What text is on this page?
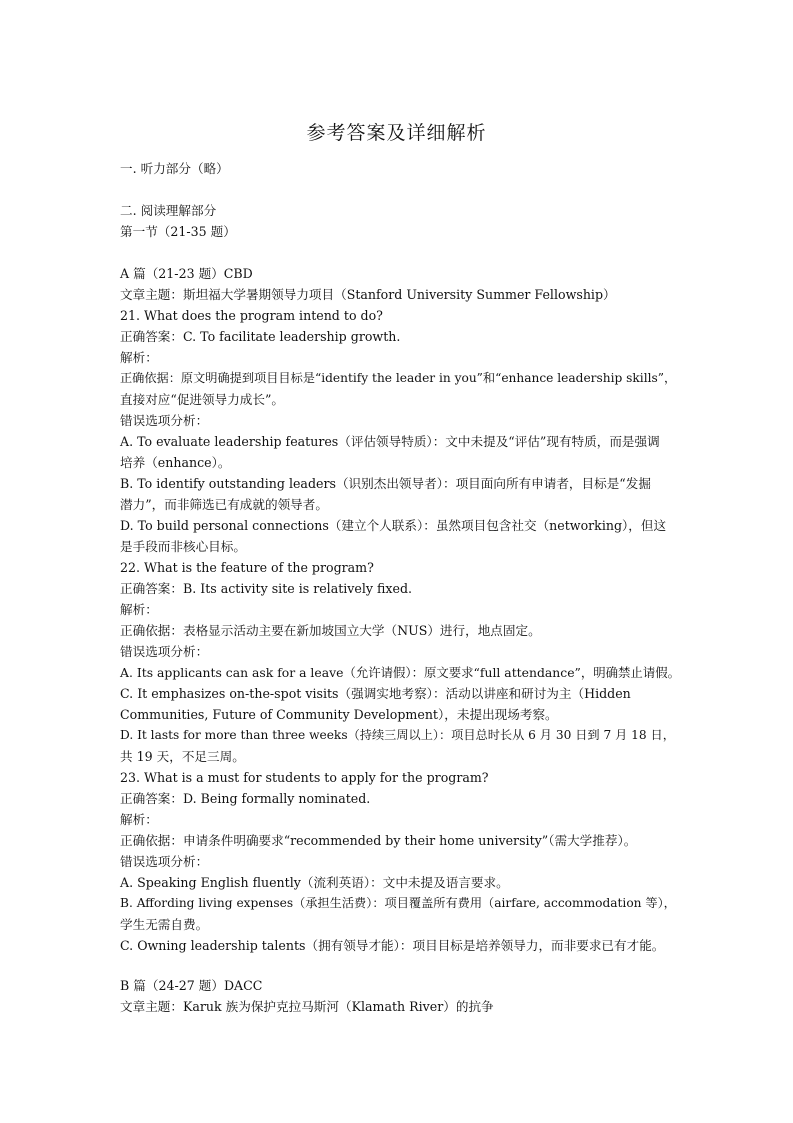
参考答案及详细解析
一. 听力部分（略）
二. 阅读理解部分
第一节（21-35 题）
A 篇（21-23 题）CBD
文章主题：斯坦福大学暑期领导力项目（Stanford University Summer Fellowship）
21. What does the program intend to do?
正确答案：C. To facilitate leadership growth.
解析：
正确依据：原文明确提到项目目标是“identify the leader in you”和“enhance leadership skills”，
直接对应“促进领导力成长”。
错误选项分析：
A. To evaluate leadership features（评估领导特质）：文中未提及“评估”现有特质，而是强调
培养（enhance）。
B. To identify outstanding leaders（识别杰出领导者）：项目面向所有申请者，目标是“发掘
潜力”，而非筛选已有成就的领导者。
D. To build personal connections（建立个人联系）：虽然项目包含社交（networking），但这
是手段而非核心目标。
22. What is the feature of the program?
正确答案：B. Its activity site is relatively fixed.
解析：
正确依据：表格显示活动主要在新加坡国立大学（NUS）进行，地点固定。
错误选项分析：
A. Its applicants can ask for a leave（允许请假）：原文要求“full attendance”，明确禁止请假。
C. It emphasizes on-the-spot visits（强调实地考察）：活动以讲座和研讨为主（Hidden
Communities, Future of Community Development），未提出现场考察。
D. It lasts for more than three weeks（持续三周以上）：项目总时长从 6 月 30 日到 7 月 18 日，
共 19 天，不足三周。
23. What is a must for students to apply for the program?
正确答案：D. Being formally nominated.
解析：
正确依据：申请条件明确要求“recommended by their home university”（需大学推荐）。
错误选项分析：
A. Speaking English fluently（流利英语）：文中未提及语言要求。
B. Affording living expenses（承担生活费）：项目覆盖所有费用（airfare, accommodation 等），
学生无需自费。
C. Owning leadership talents（拥有领导才能）：项目目标是培养领导力，而非要求已有才能。
B 篇（24-27 题）DACC
文章主题：Karuk 族为保护克拉马斯河（Klamath River）的抗争
